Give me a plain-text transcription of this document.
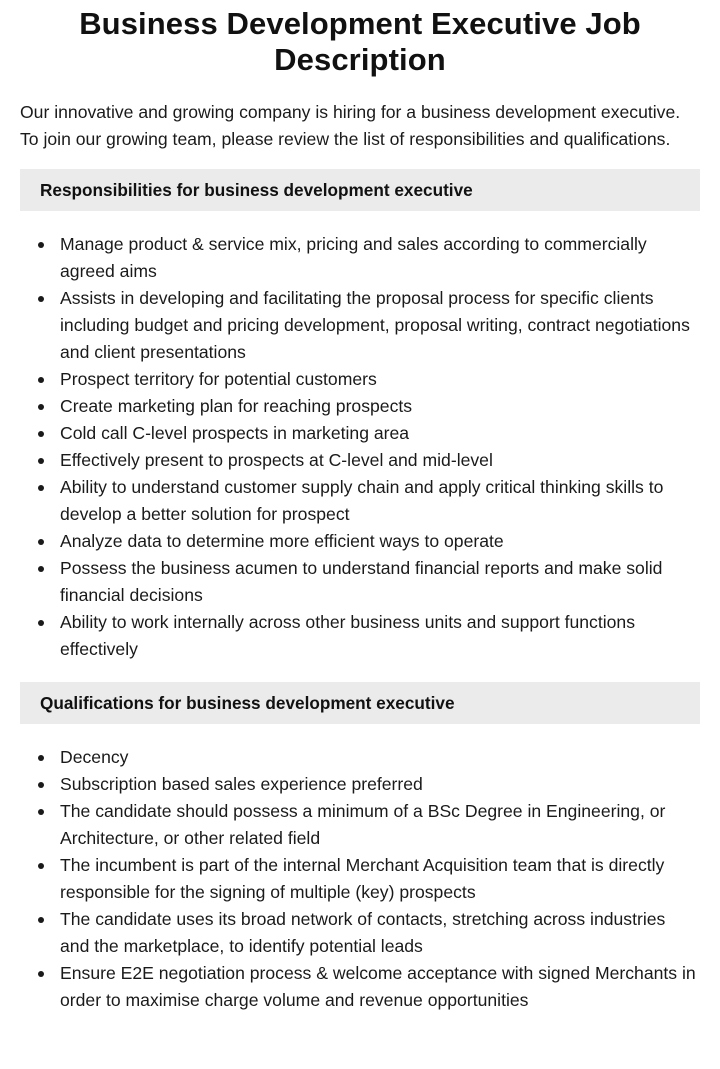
Business Development Executive Job Description

Our innovative and growing company is hiring for a business development executive. To join our growing team, please review the list of responsibilities and qualifications.

Responsibilities for business development executive
Manage product & service mix, pricing and sales according to commercially agreed aims
Assists in developing and facilitating the proposal process for specific clients including budget and pricing development, proposal writing, contract negotiations and client presentations
Prospect territory for potential customers
Create marketing plan for reaching prospects
Cold call C-level prospects in marketing area
Effectively present to prospects at C-level and mid-level
Ability to understand customer supply chain and apply critical thinking skills to develop a better solution for prospect
Analyze data to determine more efficient ways to operate
Possess the business acumen to understand financial reports and make solid financial decisions
Ability to work internally across other business units and support functions effectively
Qualifications for business development executive
Decency
Subscription based sales experience preferred
The candidate should possess a minimum of a BSc Degree in Engineering, or Architecture, or other related field
The incumbent is part of the internal Merchant Acquisition team that is directly responsible for the signing of multiple (key) prospects
The candidate uses its broad network of contacts, stretching across industries and the marketplace, to identify potential leads
Ensure E2E negotiation process & welcome acceptance with signed Merchants in order to maximise charge volume and revenue opportunities
